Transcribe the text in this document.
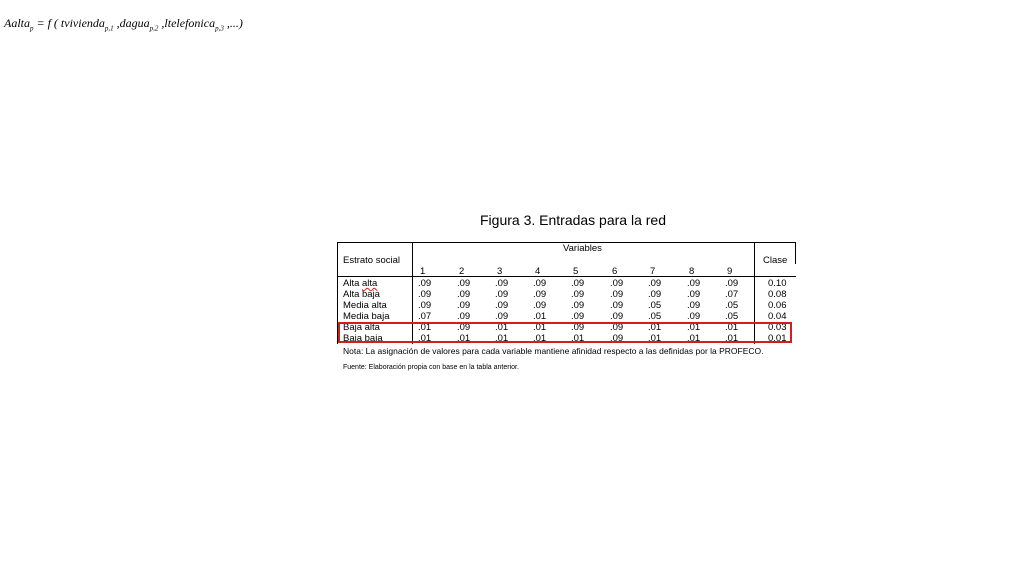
Aalta$_p$ = f ( tvivienda$_{p,1}$ ,dagua$_{p,2}$ ,ltelefonica$_{p,3}$ ,...)
Figura 3. Entradas para la red
Estrato social
Variables
Clase
1	2	3	4	5	6	7	8	9
Alta alta	.09	.09	.09	.09	.09	.09	.09	.09	.09	0.10
Alta baja	.09	.09	.09	.09	.09	.09	.09	.09	.07	0.08
Media alta	.09	.09	.09	.09	.09	.09	.05	.09	.05	0.06
Media baja	.07	.09	.09	.01	.09	.09	.05	.09	.05	0.04
Baja alta	.01	.09	.01	.01	.09	.09	.01	.01	.01	0.03
Baja baja	.01	.01	.01	.01	.01	.09	.01	.01	.01	0.01
Nota: La asignación de valores para cada variable mantiene afinidad respecto a las definidas por la PROFECO.
Fuente: Elaboración propia con base en la tabla anterior.
